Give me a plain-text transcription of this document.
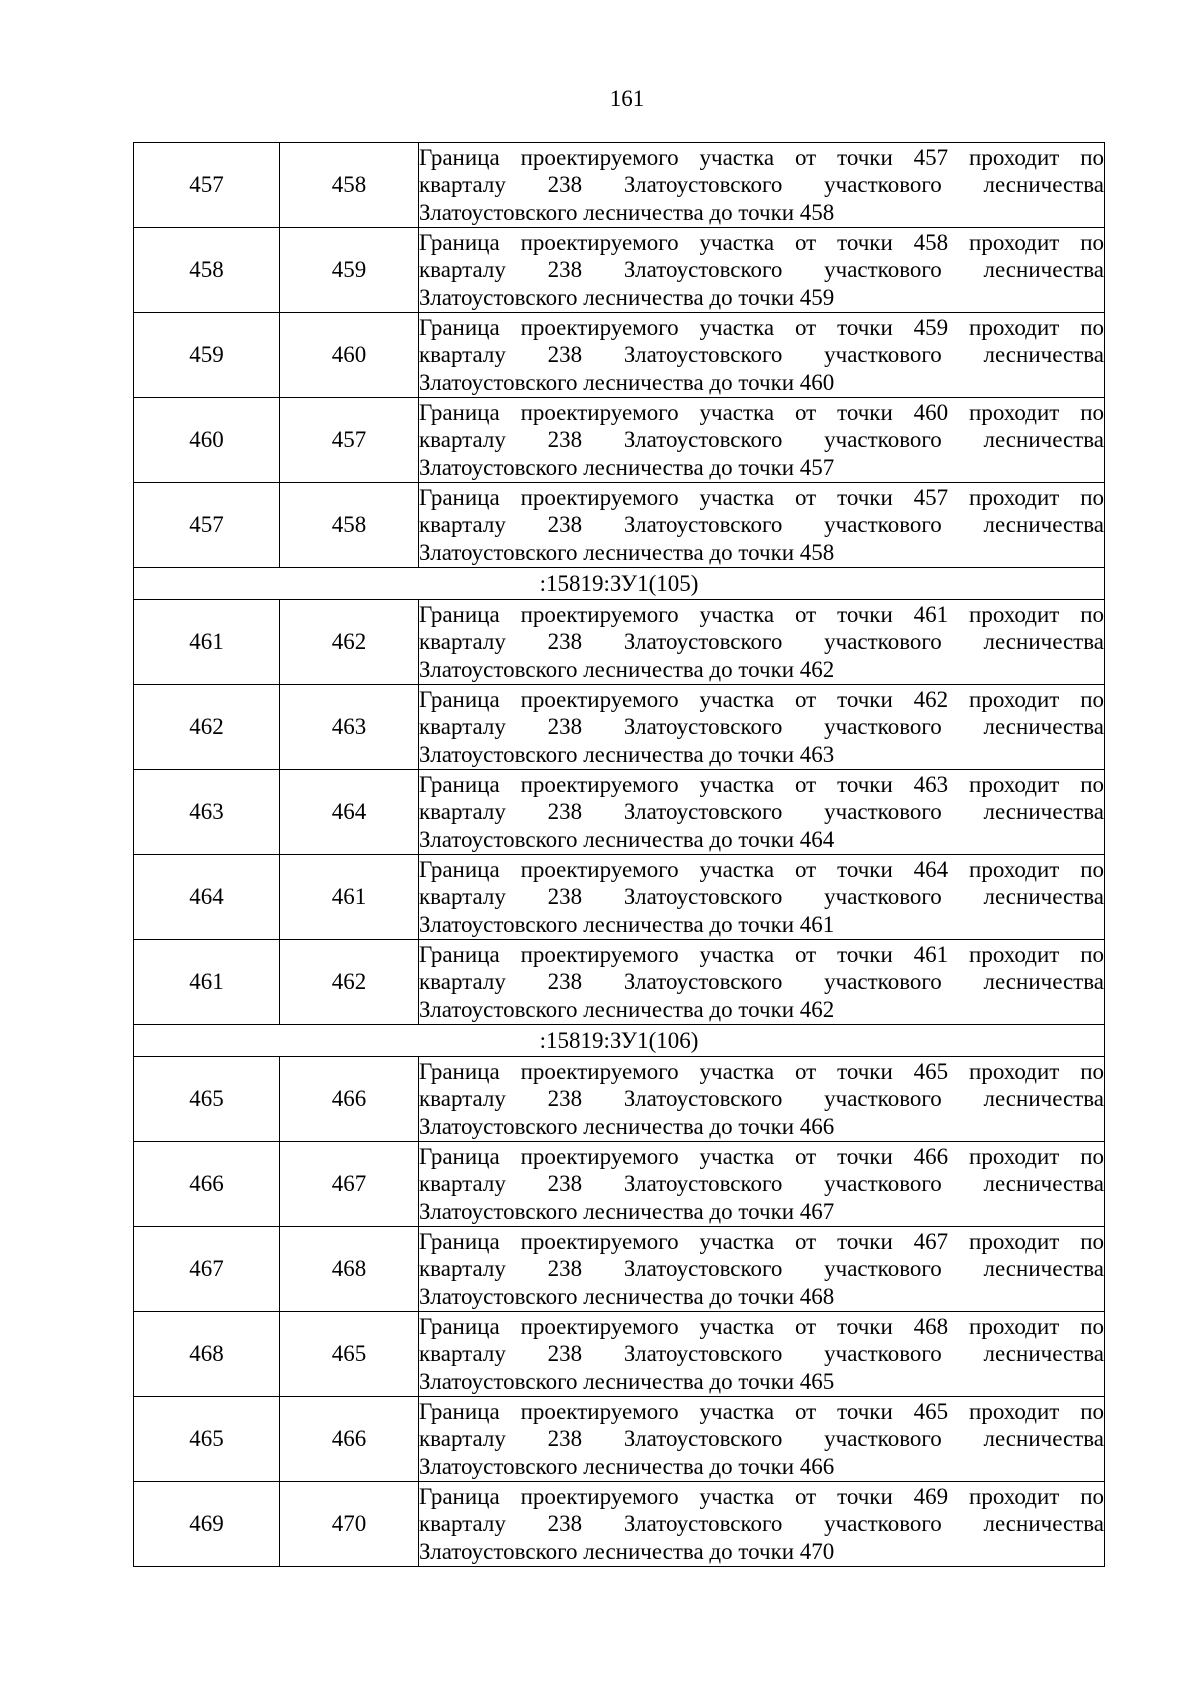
161
457	458	Граница проектируемого участка от точки 457 проходит по
кварталу 238 Златоустовского участкового лесничества
Златоустовского лесничества до точки 458

458	459	Граница проектируемого участка от точки 458 проходит по
кварталу 238 Златоустовского участкового лесничества
Златоустовского лесничества до точки 459

459	460	Граница проектируемого участка от точки 459 проходит по
кварталу 238 Златоустовского участкового лесничества
Златоустовского лесничества до точки 460

460	457	Граница проектируемого участка от точки 460 проходит по
кварталу 238 Златоустовского участкового лесничества
Златоустовского лесничества до точки 457

457	458	Граница проектируемого участка от точки 457 проходит по
кварталу 238 Златоустовского участкового лесничества
Златоустовского лесничества до точки 458

:15819:ЗУ1(105)		
461	462	Граница проектируемого участка от точки 461 проходит по
кварталу 238 Златоустовского участкового лесничества
Златоустовского лесничества до точки 462

462	463	Граница проектируемого участка от точки 462 проходит по
кварталу 238 Златоустовского участкового лесничества
Златоустовского лесничества до точки 463

463	464	Граница проектируемого участка от точки 463 проходит по
кварталу 238 Златоустовского участкового лесничества
Златоустовского лесничества до точки 464

464	461	Граница проектируемого участка от точки 464 проходит по
кварталу 238 Златоустовского участкового лесничества
Златоустовского лесничества до точки 461

461	462	Граница проектируемого участка от точки 461 проходит по
кварталу 238 Златоустовского участкового лесничества
Златоустовского лесничества до точки 462

:15819:ЗУ1(106)		
465	466	Граница проектируемого участка от точки 465 проходит по
кварталу 238 Златоустовского участкового лесничества
Златоустовского лесничества до точки 466

466	467	Граница проектируемого участка от точки 466 проходит по
кварталу 238 Златоустовского участкового лесничества
Златоустовского лесничества до точки 467

467	468	Граница проектируемого участка от точки 467 проходит по
кварталу 238 Златоустовского участкового лесничества
Златоустовского лесничества до точки 468

468	465	Граница проектируемого участка от точки 468 проходит по
кварталу 238 Златоустовского участкового лесничества
Златоустовского лесничества до точки 465

465	466	Граница проектируемого участка от точки 465 проходит по
кварталу 238 Златоустовского участкового лесничества
Златоустовского лесничества до точки 466

469	470	Граница проектируемого участка от точки 469 проходит по
кварталу 238 Златоустовского участкового лесничества
Златоустовского лесничества до точки 470
